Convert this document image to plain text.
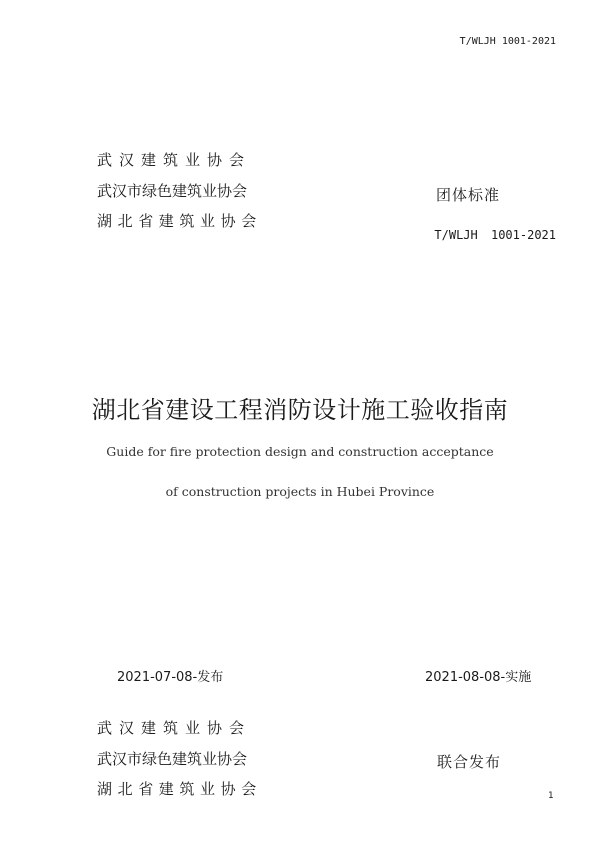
T/WLJH 1001-2021
武汉建筑业协会
武汉市绿色建筑业协会
湖北省建筑业协会
团体标准
T/WLJH 1001-2021
湖北省建设工程消防设计施工验收指南
Guide for fire protection design and construction acceptance
of construction projects in Hubei Province
2021-07-08-发布	2021-08-08-实施
武汉建筑业协会
武汉市绿色建筑业协会
湖北省建筑业协会
联合发布
1
